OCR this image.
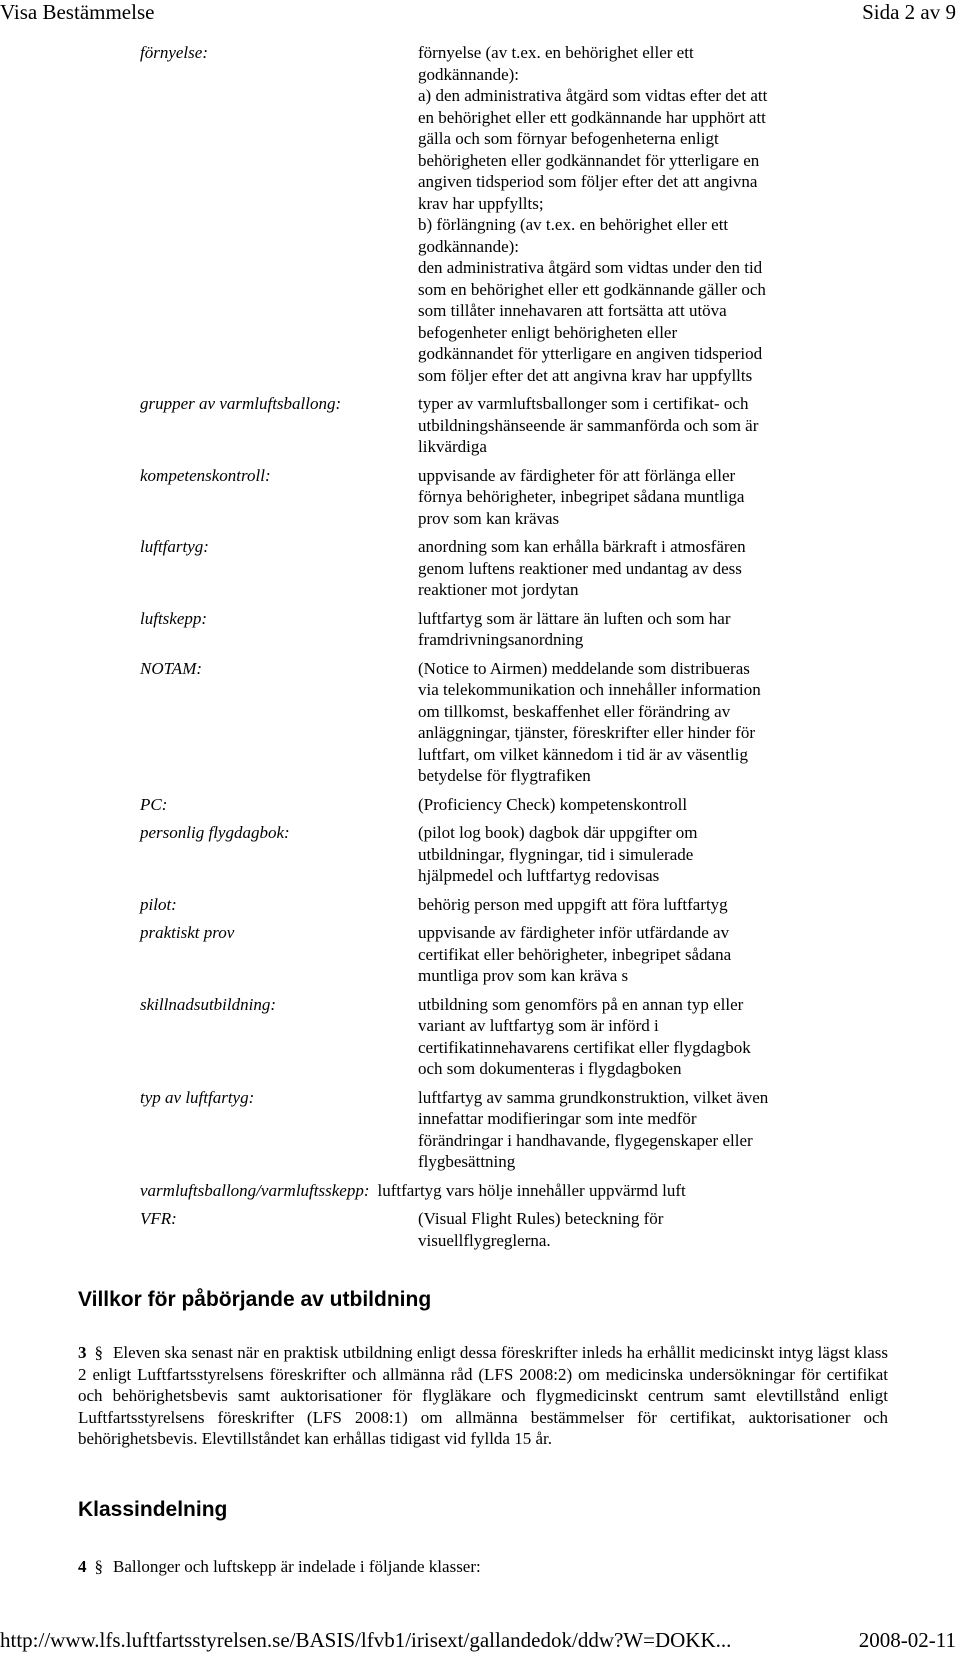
Visa Bestämmelse	Sida 2 av 9
förnyelse:	förnyelse (av t.ex. en behörighet eller ett
godkännande):
a) den administrativa åtgärd som vidtas efter det att
en behörighet eller ett godkännande har upphört att
gälla och som förnyar befogenheterna enligt
behörigheten eller godkännandet för ytterligare en
angiven tidsperiod som följer efter det att angivna
krav har uppfyllts;
b) förlängning (av t.ex. en behörighet eller ett
godkännande):
den administrativa åtgärd som vidtas under den tid
som en behörighet eller ett godkännande gäller och
som tillåter innehavaren att fortsätta att utöva
befogenheter enligt behörigheten eller
godkännandet för ytterligare en angiven tidsperiod
som följer efter det att angivna krav har uppfyllts
grupper av varmluftsballong:	typer av varmluftsballonger som i certifikat- och
utbildningshänseende är sammanförda och som är
likvärdiga
kompetenskontroll:	uppvisande av färdigheter för att förlänga eller
förnya behörigheter, inbegripet sådana muntliga
prov som kan krävas
luftfartyg:	anordning som kan erhålla bärkraft i atmosfären
genom luftens reaktioner med undantag av dess
reaktioner mot jordytan
luftskepp:	luftfartyg som är lättare än luften och som har
framdrivningsanordning
NOTAM:	(Notice to Airmen) meddelande som distribueras
via telekommunikation och innehåller information
om tillkomst, beskaffenhet eller förändring av
anläggningar, tjänster, föreskrifter eller hinder för
luftfart, om vilket kännedom i tid är av väsentlig
betydelse för flygtrafiken
PC:	(Proficiency Check) kompetenskontroll
personlig flygdagbok:	(pilot log book) dagbok där uppgifter om
utbildningar, flygningar, tid i simulerade
hjälpmedel och luftfartyg redovisas
pilot:	behörig person med uppgift att föra luftfartyg
praktiskt prov	uppvisande av färdigheter inför utfärdande av
certifikat eller behörigheter, inbegripet sådana
muntliga prov som kan kräva s
skillnadsutbildning:	utbildning som genomförs på en annan typ eller
variant av luftfartyg som är införd i
certifikatinnehavarens certifikat eller flygdagbok
och som dokumenteras i flygdagboken
typ av luftfartyg:	luftfartyg av samma grundkonstruktion, vilket även
innefattar modifieringar som inte medför
förändringar i handhavande, flygegenskaper eller
flygbesättning
varmluftsballong/varmluftsskepp: luftfartyg vars hölje innehåller uppvärmd luft
VFR:	(Visual Flight Rules) beteckning för
visuellflygreglerna.
Villkor för påbörjande av utbildning
3 § Eleven ska senast när en praktisk utbildning enligt dessa föreskrifter inleds ha erhållit medicinskt intyg lägst klass 2 enligt Luftfartsstyrelsens föreskrifter och allmänna råd (LFS 2008:2) om medicinska undersökningar för certifikat och behörighetsbevis samt auktorisationer för flygläkare och flygmedicinskt centrum samt elevtillstånd enligt Luftfartsstyrelsens föreskrifter (LFS 2008:1) om allmänna bestämmelser för certifikat, auktorisationer och behörighetsbevis. Elevtillståndet kan erhållas tidigast vid fyllda 15 år.
Klassindelning
4 § Ballonger och luftskepp är indelade i följande klasser:
http://www.lfs.luftfartsstyrelsen.se/BASIS/lfvb1/irisext/gallandedok/ddw?W=DOKK...	2008-02-11
